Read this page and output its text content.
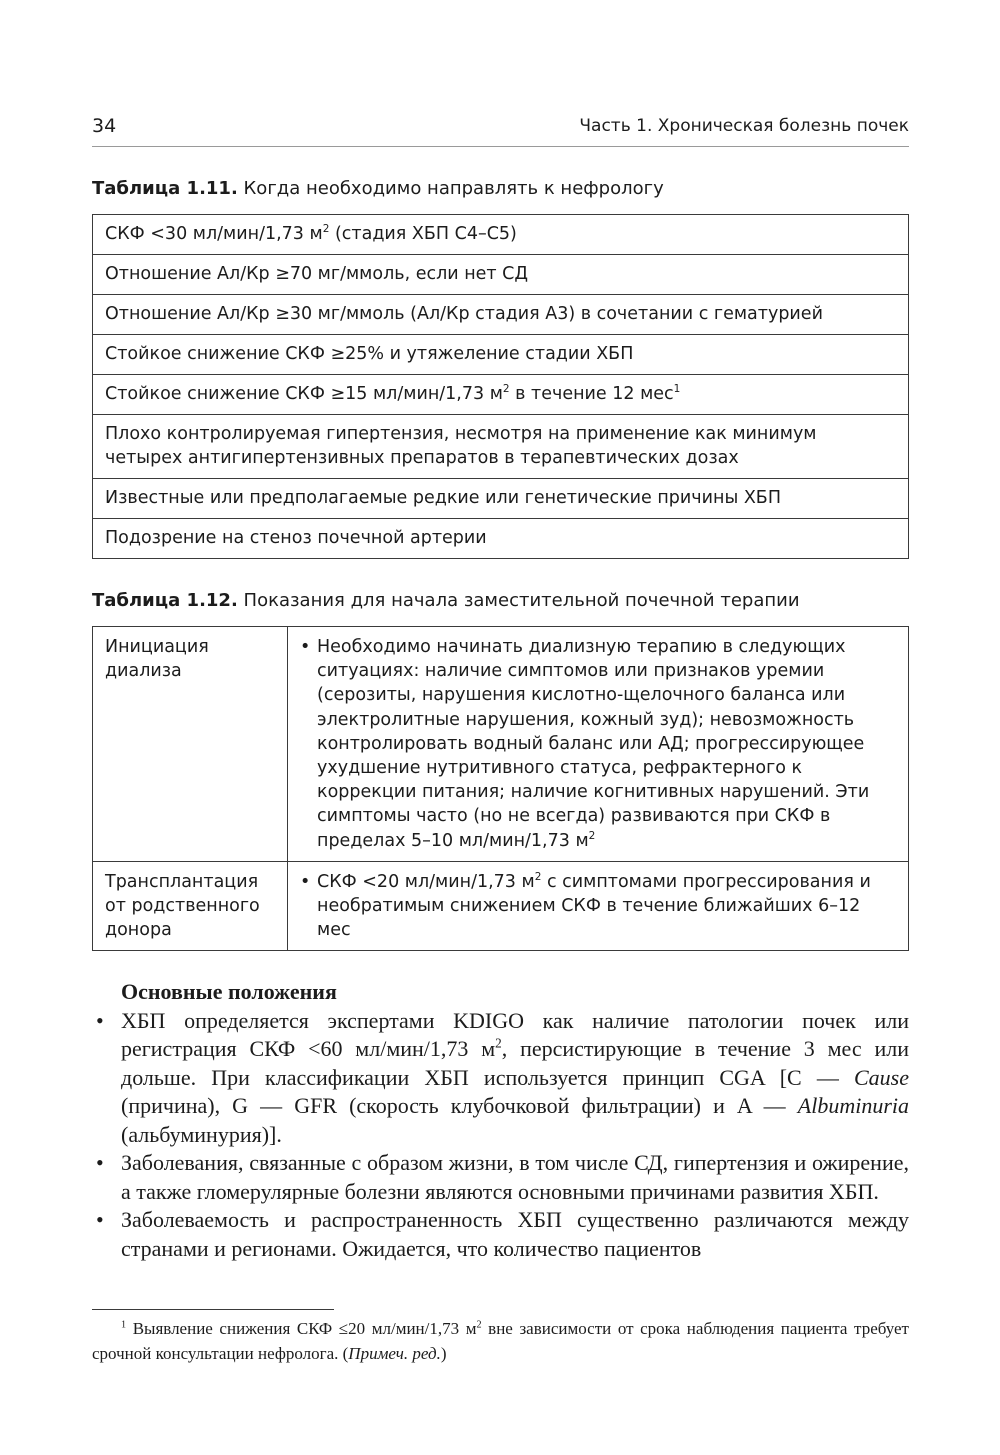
34	Часть 1. Хроническая болезнь почек
Таблица 1.11. Когда необходимо направлять к нефрологу
СКФ <30 мл/мин/1,73 $м^2$ (стадия ХБП С4–С5)
Отношение Ал/Кр ≥70 мг/ммоль, если нет СД
Отношение Ал/Кр ≥30 мг/ммоль (Ал/Кр стадия А3) в сочетании с гематурией
Стойкое снижение СКФ ≥25% и утяжеление стадии ХБП
Стойкое снижение СКФ ≥15 мл/мин/1,73 $м^2$ в течение 12 мес$^1$
Плохо контролируемая гипертензия, несмотря на применение как минимум четырех антигипертензивных препаратов в терапевтических дозах
Известные или предполагаемые редкие или генетические причины ХБП
Подозрение на стеноз почечной артерии
Таблица 1.12. Показания для начала заместительной почечной терапии
Инициация диализа	• Необходимо начинать диализную терапию в следующих ситуациях: наличие симптомов или признаков уремии (серозиты, нарушения кислотно-щелочного баланса или электролитные нарушения, кожный зуд); невозможность контролировать водный баланс или АД; прогрессирующее ухудшение нутритивного статуса, рефрактерного к коррекции питания; наличие когнитивных нарушений. Эти симптомы часто (но не всегда) развиваются при СКФ в пределах 5–10 мл/мин/1,73 $м^2$

Трансплантация от родственного донора	• СКФ <20 мл/мин/1,73 $м^2$ с симптомами прогрессирования и необратимым снижением СКФ в течение ближайших 6–12 мес
Основные положения
• ХБП определяется экспертами KDIGO как наличие патологии почек или регистрация СКФ <60 мл/мин/1,73 $м^2$, персистирующие в течение 3 мес или дольше. При классификации ХБП используется принцип CGA [C — Cause (причина), G — GFR (скорость клубочковой фильтрации) и A — Albuminuria (альбуминурия)].
• Заболевания, связанные с образом жизни, в том числе СД, гипертензия и ожирение, а также гломерулярные болезни являются основными причинами развития ХБП.
• Заболеваемость и распространенность ХБП существенно различаются между странами и регионами. Ожидается, что количество пациентов
$^1$ Выявление снижения СКФ ≤20 мл/мин/1,73 $м^2$ вне зависимости от срока наблюдения пациента требует срочной консультации нефролога. (Примеч. ред.)
